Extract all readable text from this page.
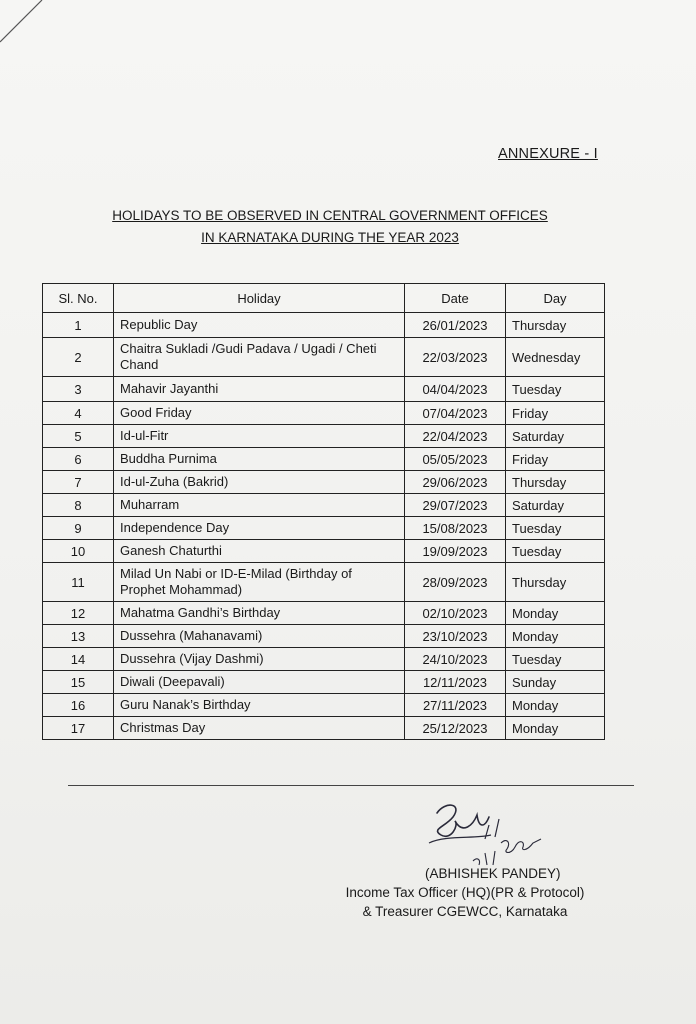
ANNEXURE - I
HOLIDAYS TO BE OBSERVED IN CENTRAL GOVERNMENT OFFICES
IN KARNATAKA DURING THE YEAR 2023
Sl. No.	Holiday	Date	Day
1	Republic Day	26/01/2023	Thursday
2	Chaitra Sukladi /Gudi Padava / Ugadi / Cheti Chand	22/03/2023	Wednesday
3	Mahavir Jayanthi	04/04/2023	Tuesday
4	Good Friday	07/04/2023	Friday
5	Id-ul-Fitr	22/04/2023	Saturday
6	Buddha Purnima	05/05/2023	Friday
7	Id-ul-Zuha (Bakrid)	29/06/2023	Thursday
8	Muharram	29/07/2023	Saturday
9	Independence Day	15/08/2023	Tuesday
10	Ganesh Chaturthi	19/09/2023	Tuesday
11	Milad Un Nabi or ID-E-Milad (Birthday of Prophet Mohammad)	28/09/2023	Thursday
12	Mahatma Gandhi’s Birthday	02/10/2023	Monday
13	Dussehra (Mahanavami)	23/10/2023	Monday
14	Dussehra (Vijay Dashmi)	24/10/2023	Tuesday
15	Diwali (Deepavali)	12/11/2023	Sunday
16	Guru Nanak’s Birthday	27/11/2023	Monday
17	Christmas Day	25/12/2023	Monday
(ABHISHEK PANDEY)
Income Tax Officer (HQ)(PR & Protocol)
& Treasurer CGEWCC, Karnataka
